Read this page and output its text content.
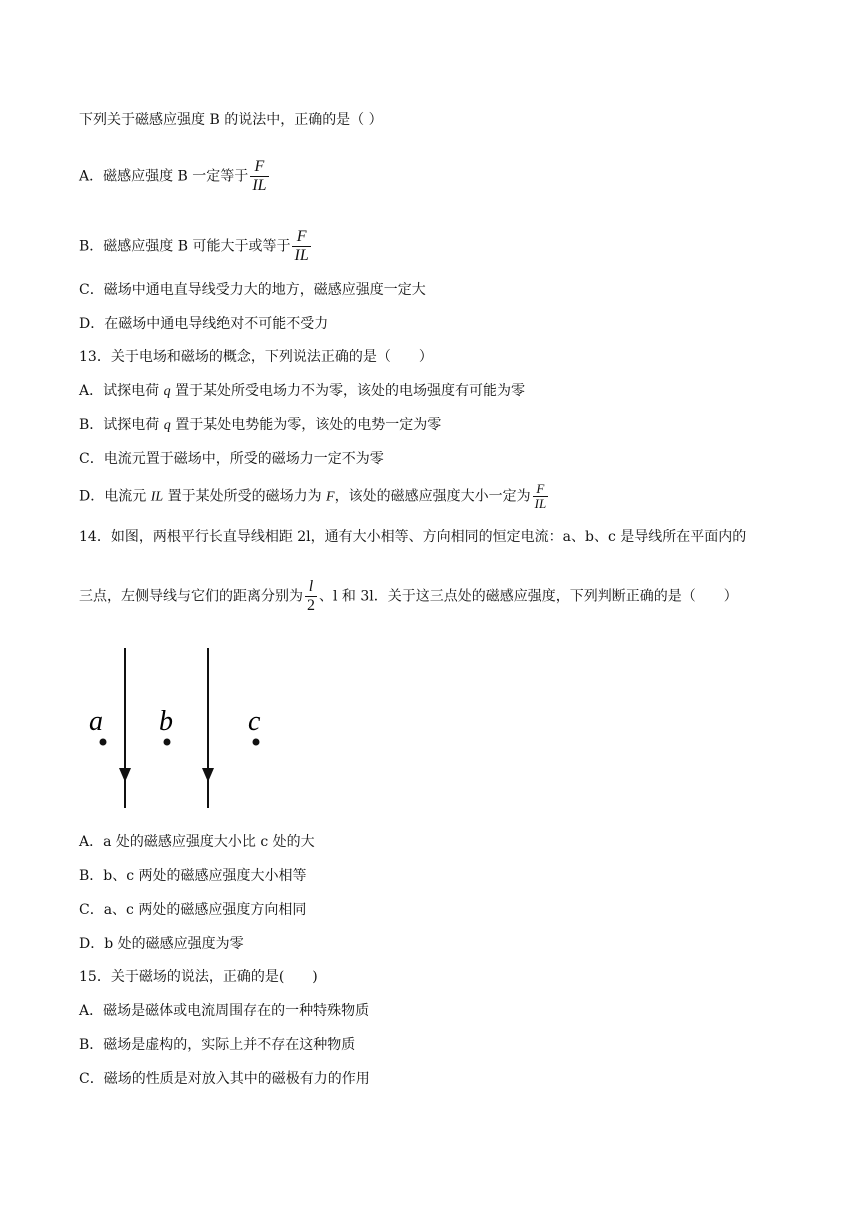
下列关于磁感应强度 B 的说法中，正确的是（ ）
A．磁感应强度 B 一定等于 $\frac{F}{IL}$
B．磁感应强度 B 可能大于或等于 $\frac{F}{IL}$
C．磁场中通电直导线受力大的地方，磁感应强度一定大
D．在磁场中通电导线绝对不可能不受力
13．关于电场和磁场的概念，下列说法正确的是（　　）
A．试探电荷 q 置于某处所受电场力不为零，该处的电场强度有可能为零
B．试探电荷 q 置于某处电势能为零，该处的电势一定为零
C．电流元置于磁场中，所受的磁场力一定不为零
D．电流元 IL 置于某处所受的磁场力为 F，该处的磁感应强度大小一定为 $\frac{F}{IL}$
14．如图，两根平行长直导线相距 2l，通有大小相等、方向相同的恒定电流：a、b、c 是导线所在平面内的
三点，左侧导线与它们的距离分别为 $\frac{l}{2}$ 、l 和 3l．关于这三点处的磁感应强度，下列判断正确的是（　　）
a b	c
A．a 处的磁感应强度大小比 c 处的大
B．b、c 两处的磁感应强度大小相等
C．a、c 两处的磁感应强度方向相同
D．b 处的磁感应强度为零
15．关于磁场的说法，正确的是(　　)
A．磁场是磁体或电流周围存在的一种特殊物质
B．磁场是虚构的，实际上并不存在这种物质
C．磁场的性质是对放入其中的磁极有力的作用
